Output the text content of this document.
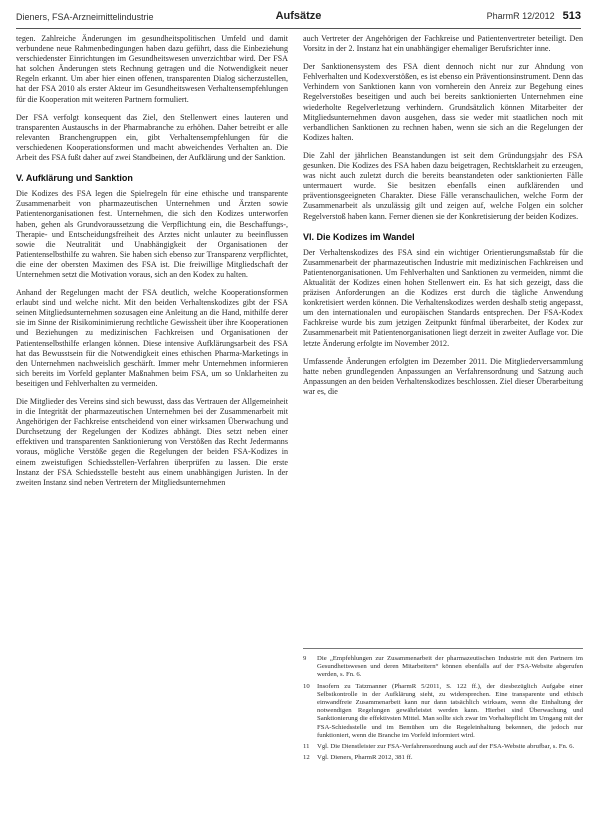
Dieners, FSA-Arzneimittelindustrie	Aufsätze	PharmR 12/2012 513

tegen. Zahlreiche Änderungen im gesundheitspolitischen Umfeld und damit verbundene neue Rahmenbedingungen haben dazu geführt, dass die Einbeziehung verschiedenster Einrichtungen im Gesundheitswesen unverzichtbar wird. Der FSA hat solchen Änderungen stets Rechnung getragen und die Notwendigkeit neuer Regeln erkannt. Um aber hier einen offenen, transparenten Dialog sicherzustellen, hat der FSA 2010 als erster Akteur im Gesundheitswesen Verhaltensempfehlungen für die Kooperation mit weiteren Partnern formuliert.

Der FSA verfolgt konsequent das Ziel, den Stellenwert eines lauteren und transparenten Austauschs in der Pharmabranche zu erhöhen. Daher betreibt er alle relevanten Branchengruppen ein, gibt Verhaltensempfehlungen für die verschiedenen Kooperationsformen und macht abweichendes Verhalten an. Die Arbeit des FSA fußt daher auf zwei Standbeinen, der Aufklärung und der Sanktion.

V. Aufklärung und Sanktion

Die Kodizes des FSA legen die Spielregeln für eine ethische und transparente Zusammenarbeit von pharmazeutischen Unternehmen und Ärzten sowie Patientenorganisationen fest. Unternehmen, die sich den Kodizes unterworfen haben, gehen als Grundvoraussetzung die Verpflichtung ein, die Beschaffungs-, Therapie- und Entscheidungsfreiheit des Arztes nicht unlauter zu beeinflussen sowie die Neutralität und Unabhängigkeit der Organisationen der Patientenselbsthilfe zu wahren. Sie haben sich ebenso zur Transparenz verpflichtet, die eine der obersten Maximen des FSA ist. Die freiwillige Mitgliedschaft der Unternehmen setzt die Motivation voraus, sich an den Kodex zu halten.

Anhand der Regelungen macht der FSA deutlich, welche Kooperationsformen erlaubt sind und welche nicht. Mit den beiden Verhaltenskodizes gibt der FSA seinen Mitgliedsunternehmen sozusagen eine Anleitung an die Hand, mithilfe derer sie im Sinne der Risikominimierung rechtliche Gewissheit über ihre Kooperationen und Beziehungen zu medizinischen Fachkreisen und Organisationen der Patientenselbsthilfe erlangen können. Diese intensive Aufklärungsarbeit des FSA hat das Bewusstsein für die Notwendigkeit eines ethischen Pharma-Marketings in den Unternehmen nachweislich geschärft. Immer mehr Unternehmen informieren sich bereits im Vorfeld geplanter Maßnahmen beim FSA, um so Unklarheiten zu beseitigen und Fehlverhalten zu vermeiden.

Die Mitglieder des Vereins sind sich bewusst, dass das Vertrauen der Allgemeinheit in die Integrität der pharmazeutischen Unternehmen bei der Zusammenarbeit mit Angehörigen der Fachkreise entscheidend von einer wirksamen Überwachung und Durchsetzung der Regelungen der Kodizes abhängt. Dies setzt neben einer effektiven und transparenten Sanktionierung von Verstößen das Recht Jedermanns voraus, mögliche Verstöße gegen die Regelungen der beiden FSA-Kodizes in einem zweistufigen Schiedsstellen-Verfahren überprüfen zu lassen. Die erste Instanz der FSA Schiedsstelle besteht aus einem unabhängigen Juristen. In der zweiten Instanz sind neben Vertretern der Mitgliedsunternehmen

auch Vertreter der Angehörigen der Fachkreise und Patientenvertreter beteiligt. Den Vorsitz in der 2. Instanz hat ein unabhängiger ehemaliger Berufsrichter inne.

Der Sanktionensystem des FSA dient dennoch nicht nur zur Ahndung von Fehlverhalten und Kodexverstößen, es ist ebenso ein Präventionsinstrument. Denn das Verhindern von Sanktionen kann von vornherein den Anreiz zur Begehung eines Regelverstoßes beseitigen und auch bei bereits sanktionierten Unternehmen eine wiederholte Regelverletzung verhindern. Grundsätzlich können Mitarbeiter der Mitgliedsunternehmen davon ausgehen, dass sie weder mit staatlichen noch mit verbandlichen Sanktionen zu rechnen haben, wenn sie sich an die Regelungen der Kodizes halten.

Die Zahl der jährlichen Beanstandungen ist seit dem Gründungsjahr des FSA gesunken. Die Kodizes des FSA haben dazu beigetragen, Rechtsklarheit zu erzeugen, was nicht auch zuletzt durch die bereits beanstandeten oder sanktionierten Fälle untermauert wurde. Sie besitzen ebenfalls einen aufklärenden und präventionsgeeigneten Charakter. Diese Fälle veranschaulichen, welche Form der Zusammenarbeit als unzulässig gilt und zeigen auf, welche Folgen ein solcher Regelverstoß haben kann. Ferner dienen sie der Konkretisierung der beiden Kodizes.

VI. Die Kodizes im Wandel

Der Verhaltenskodizes des FSA sind ein wichtiger Orientierungsmaßstab für die Zusammenarbeit der pharmazeutischen Industrie mit medizinischen Fachkreisen und Patientenorganisationen. Um Fehlverhalten und Sanktionen zu vermeiden, nimmt die Aktualität der Kodizes einen hohen Stellenwert ein. Es hat sich gezeigt, dass die präzisen Anforderungen an die Kodizes erst durch die tägliche Anwendung konkretisiert werden können. Die Verhaltenskodizes werden deshalb stetig angepasst, um den internationalen und europäischen Standards entsprechen. Der FSA-Kodex Fachkreise wurde bis zum jetzigen Zeitpunkt fünfmal überarbeitet, der Kodex zur Zusammenarbeit mit Patientenorganisationen liegt derzeit in zweiter Auflage vor. Die letzte Änderung erfolgte im November 2012.

Umfassende Änderungen erfolgten im Dezember 2011. Die Mitgliederversammlung hatte neben grundlegenden Anpassungen an Verfahrensordnung und Satzung auch Anpassungen an den beiden Verhaltenskodizes beschlossen. Ziel dieser Überarbeitung war es, die

9	Die „Empfehlungen zur Zusammenarbeit der pharmazeutischen Industrie mit den Partnern im Gesundheitswesen und deren Mitarbeitern“ können ebenfalls auf der FSA-Website abgerufen werden, s. Fn. 6.
10	Insofern zu Tatzmanner (PharmR 5/2011, S. 122 ff.), der diesbezüglich Aufgabe einer Selbstkontrolle in der Aufklärung sieht, zu widersprechen. Eine transparente und ethisch einwandfreie Zusammenarbeit kann nur dann tatsächlich wirksam, wenn die Einhaltung der notwendigen Regelungen gewährleistet werden kann. Hierbei sind Überwachung und Sanktionierung die effektivsten Mittel. Man sollte sich zwar im Vorhaltepflicht im Umgang mit der FSA-Schiedsstelle und im Bemühen um die Regeleinhaltung bekennen, die jedoch nur funktioniert, wenn die Branche im Vorfeld informiert wird.
11	Vgl. Die Dienstleister zur FSA-Verfahrensordnung auch auf der FSA-Website abrufbar, s. Fn. 6.
12	Vgl. Dieners, PharmR 2012, 381 ff.
